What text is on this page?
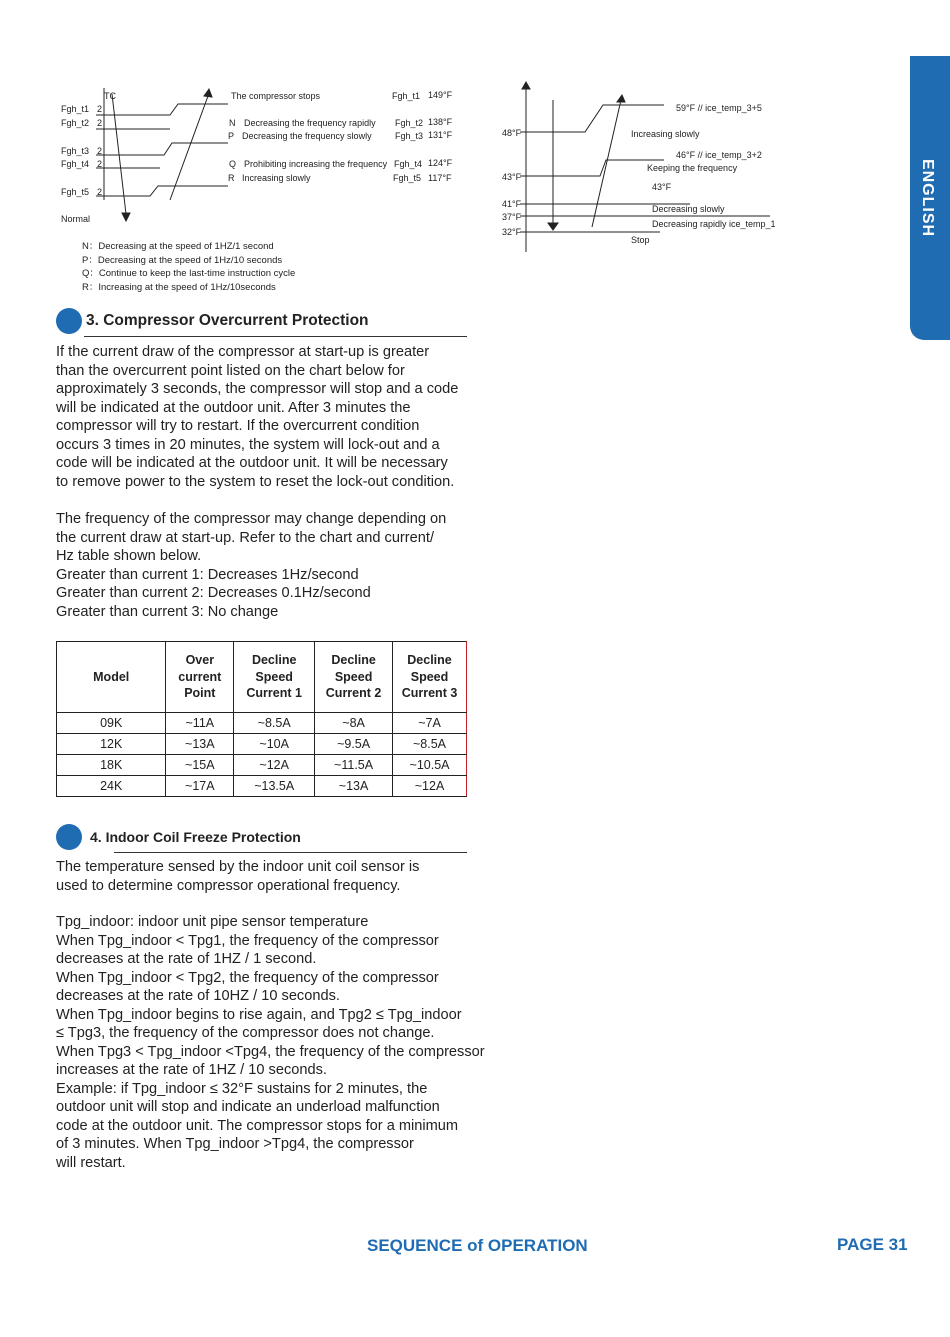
ENGLISH
TC
Fgh_t1
Fgh_t2
Fgh_t3
Fgh_t4
Fgh_t5
Normal
2
2
2
2
2
The compressor stops
N Decreasing the frequency rapidly
P Decreasing the frequency slowly
Q Prohibiting increasing the frequency
R Increasing slowly
Fgh_t1 149°F
Fgh_t2 138°F
Fgh_t3 131°F
Fgh_t4 124°F
Fgh_t5 117°F
N：Decreasing at the speed of 1HZ/1 second
P：Decreasing at the speed of 1Hz/10 seconds
Q：Continue to keep the last-time instruction cycle
R：Increasing at the speed of 1Hz/10seconds
48°F
43°F
41°F
37°F
32°F
59°F // ice_temp_3+5
Increasing slowly
46°F // ice_temp_3+2
Keeping the frequency
43°F
Decreasing slowly
Decreasing rapidly ice_temp_1
Stop
3. Compressor Overcurrent Protection
If the current draw of the compressor at start-up is greater
than the overcurrent point listed on the chart below for
approximately 3 seconds, the compressor will stop and a code
will be indicated at the outdoor unit. After 3 minutes the
compressor will try to restart. If the overcurrent condition
occurs 3 times in 20 minutes, the system will lock-out and a
code will be indicated at the outdoor unit. It will be necessary
to remove power to the system to reset the lock-out condition.
The frequency of the compressor may change depending on
the current draw at start-up. Refer to the chart and current/
Hz table shown below.
Greater than current 1: Decreases 1Hz/second
Greater than current 2: Decreases 0.1Hz/second
Greater than current 3: No change
Model	Over current Point	Decline Speed Current 1	Decline Speed Current 2	Decline Speed Current 3
09K	~11A	~8.5A	~8A	~7A
12K	~13A	~10A	~9.5A	~8.5A
18K	~15A	~12A	~11.5A	~10.5A
24K	~17A	~13.5A	~13A	~12A
4. Indoor Coil Freeze Protection
The temperature sensed by the indoor unit coil sensor is
used to determine compressor operational frequency.
Tpg_indoor: indoor unit pipe sensor temperature
When Tpg_indoor < Tpg1, the frequency of the compressor
decreases at the rate of 1HZ / 1 second.
When Tpg_indoor < Tpg2, the frequency of the compressor
decreases at the rate of 10HZ / 10 seconds.
When Tpg_indoor begins to rise again, and Tpg2 ≤ Tpg_indoor
≤ Tpg3, the frequency of the compressor does not change.
When Tpg3 < Tpg_indoor <Tpg4, the frequency of the compressor
increases at the rate of 1HZ / 10 seconds.
Example: if Tpg_indoor ≤ 32°F sustains for 2 minutes, the
outdoor unit will stop and indicate an underload malfunction
code at the outdoor unit. The compressor stops for a minimum
of 3 minutes. When Tpg_indoor >Tpg4, the compressor
will restart.
SEQUENCE of OPERATION	PAGE 31
